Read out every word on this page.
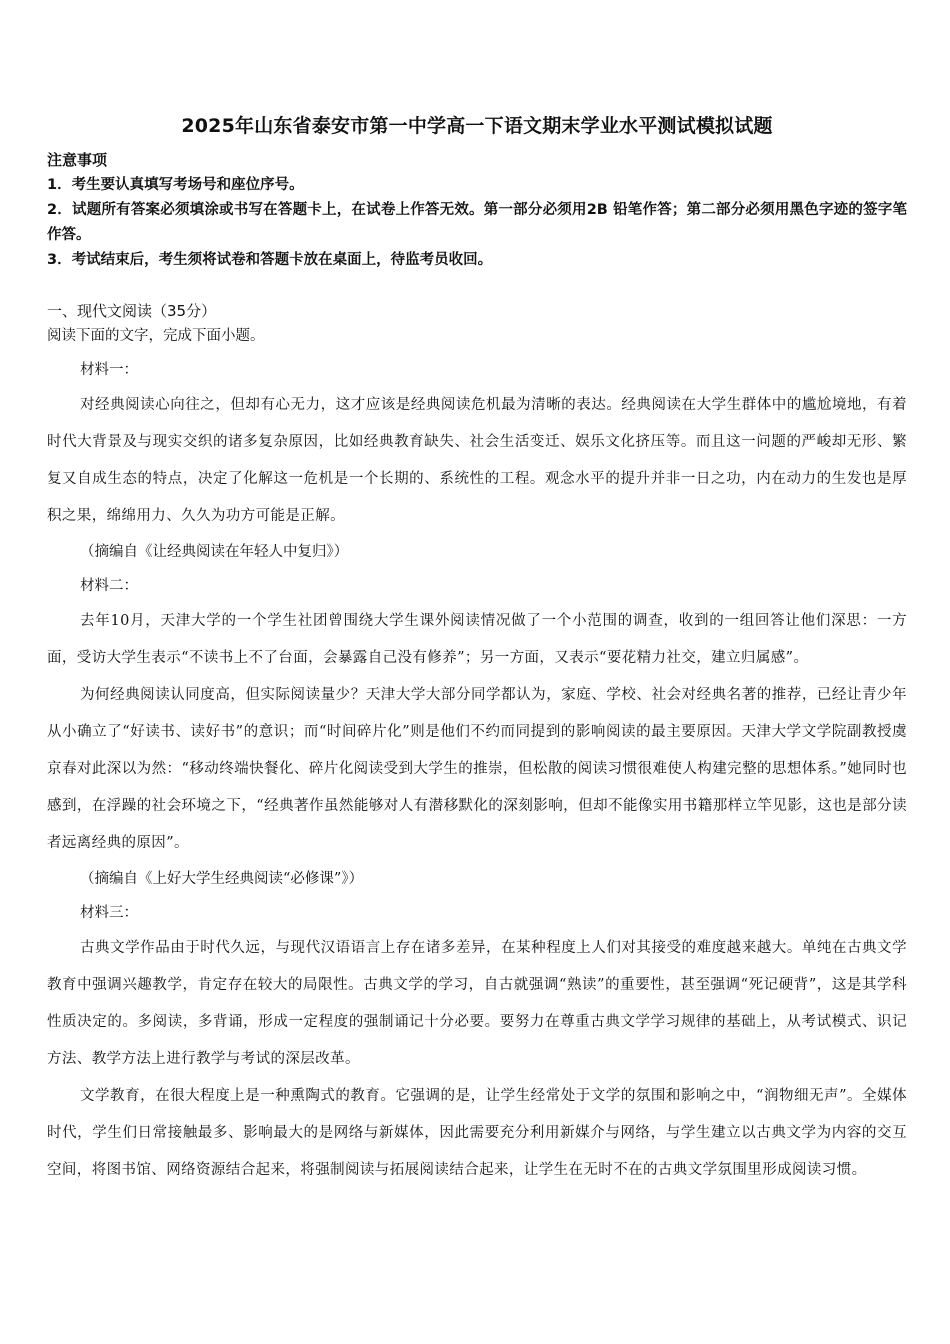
2025年山东省泰安市第一中学高一下语文期末学业水平测试模拟试题

注意事项

1．考生要认真填写考场号和座位序号。

2．试题所有答案必须填涂或书写在答题卡上，在试卷上作答无效。第一部分必须用2B 铅笔作答；第二部分必须用黑色字迹的签字笔作答。

3．考试结束后，考生须将试卷和答题卡放在桌面上，待监考员收回。

一、现代文阅读（35分）

阅读下面的文字，完成下面小题。

材料一：

对经典阅读心向往之，但却有心无力，这才应该是经典阅读危机最为清晰的表达。经典阅读在大学生群体中的尴尬境地，有着时代大背景及与现实交织的诸多复杂原因，比如经典教育缺失、社会生活变迁、娱乐文化挤压等。而且这一问题的严峻却无形、繁复又自成生态的特点，决定了化解这一危机是一个长期的、系统性的工程。观念水平的提升并非一日之功，内在动力的生发也是厚积之果，绵绵用力、久久为功方可能是正解。

（摘编自《让经典阅读在年轻人中复归》）

材料二：

去年10月，天津大学的一个学生社团曾围绕大学生课外阅读情况做了一个小范围的调查，收到的一组回答让他们深思：一方面，受访大学生表示“不读书上不了台面，会暴露自己没有修养”；另一方面，又表示“要花精力社交，建立归属感”。

为何经典阅读认同度高，但实际阅读量少？天津大学大部分同学都认为，家庭、学校、社会对经典名著的推荐，已经让青少年从小确立了“好读书、读好书”的意识；而“时间碎片化”则是他们不约而同提到的影响阅读的最主要原因。天津大学文学院副教授虞京春对此深以为然：“移动终端快餐化、碎片化阅读受到大学生的推崇，但松散的阅读习惯很难使人构建完整的思想体系。”她同时也感到，在浮躁的社会环境之下，“经典著作虽然能够对人有潜移默化的深刻影响，但却不能像实用书籍那样立竿见影，这也是部分读者远离经典的原因”。

（摘编自《上好大学生经典阅读“必修课”》）

材料三：

古典文学作品由于时代久远，与现代汉语语言上存在诸多差异，在某种程度上人们对其接受的难度越来越大。单纯在古典文学教育中强调兴趣教学，肯定存在较大的局限性。古典文学的学习，自古就强调“熟读”的重要性，甚至强调“死记硬背”，这是其学科性质决定的。多阅读，多背诵，形成一定程度的强制诵记十分必要。要努力在尊重古典文学学习规律的基础上，从考试模式、识记方法、教学方法上进行教学与考试的深层改革。

文学教育，在很大程度上是一种熏陶式的教育。它强调的是，让学生经常处于文学的氛围和影响之中，“润物细无声”。全媒体时代，学生们日常接触最多、影响最大的是网络与新媒体，因此需要充分利用新媒介与网络，与学生建立以古典文学为内容的交互空间，将图书馆、网络资源结合起来，将强制阅读与拓展阅读结合起来，让学生在无时不在的古典文学氛围里形成阅读习惯。
